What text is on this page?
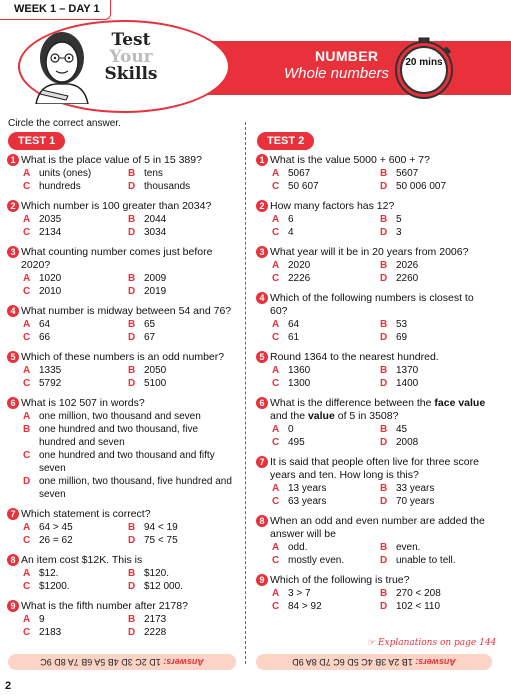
WEEK 1 – DAY 1
Test
Your
Skills
NUMBER
Whole numbers
20 mins
Circle the correct answer.
TEST 1	TEST 2
1 What is the place value of 5 in 15 389?
A units (ones)	B tens
C hundreds	D thousands
2 Which number is 100 greater than 2034?
A 2035	B 2044
C 2134	D 3034
3 What counting number comes just before 2020?
A 1020	B 2009
C 2010	D 2019
4 What number is midway between 54 and 76?
A 64	B 65
C 66	D 67
5 Which of these numbers is an odd number?
A 1335	B 2050
C 5792	D 5100
6 What is 102 507 in words?
A one million, two thousand and seven
B one hundred and two thousand, five hundred and seven
C one hundred and two thousand and fifty seven
D one million, two thousand, five hundred and seven
7 Which statement is correct?
A 64 > 45	B 94 < 19
C 26 = 62	D 75 < 75
8 An item cost $12K. This is
A $12.	B $120.
C $1200.	D $12 000.
9 What is the fifth number after 2178?
A 9	B 2173
C 2183	D 2228
1 What is the value 5000 + 600 + 7?
A 5067	B 5607
C 50 607	D 50 006 007
2 How many factors has 12?
A 6	B 5
C 4	D 3
3 What year will it be in 20 years from 2006?
A 2020	B 2026
C 2226	D 2260
4 Which of the following numbers is closest to 60?
A 64	B 53
C 61	D 69
5 Round 1364 to the nearest hundred.
A 1360	B 1370
C 1300	D 1400
6 What is the difference between the face value and the value of 5 in 3508?
A 0	B 45
C 495	D 2008
7 It is said that people often live for three score years and ten. How long is this?
A 13 years	B 33 years
C 63 years	D 70 years
8 When an odd and even number are added the answer will be
A odd.	B even.
C mostly even.	D unable to tell.
9 Which of the following is true?
A 3 > 7	B 270 < 208
C 84 > 92	D 102 < 110
☞ Explanations on page 144
Answers: 1D 2C 3D 4B 5A 6B 7A 8D 9C	Answers: 1B 2A 3B 4C 5D 6C 7D 8A 9D
2
